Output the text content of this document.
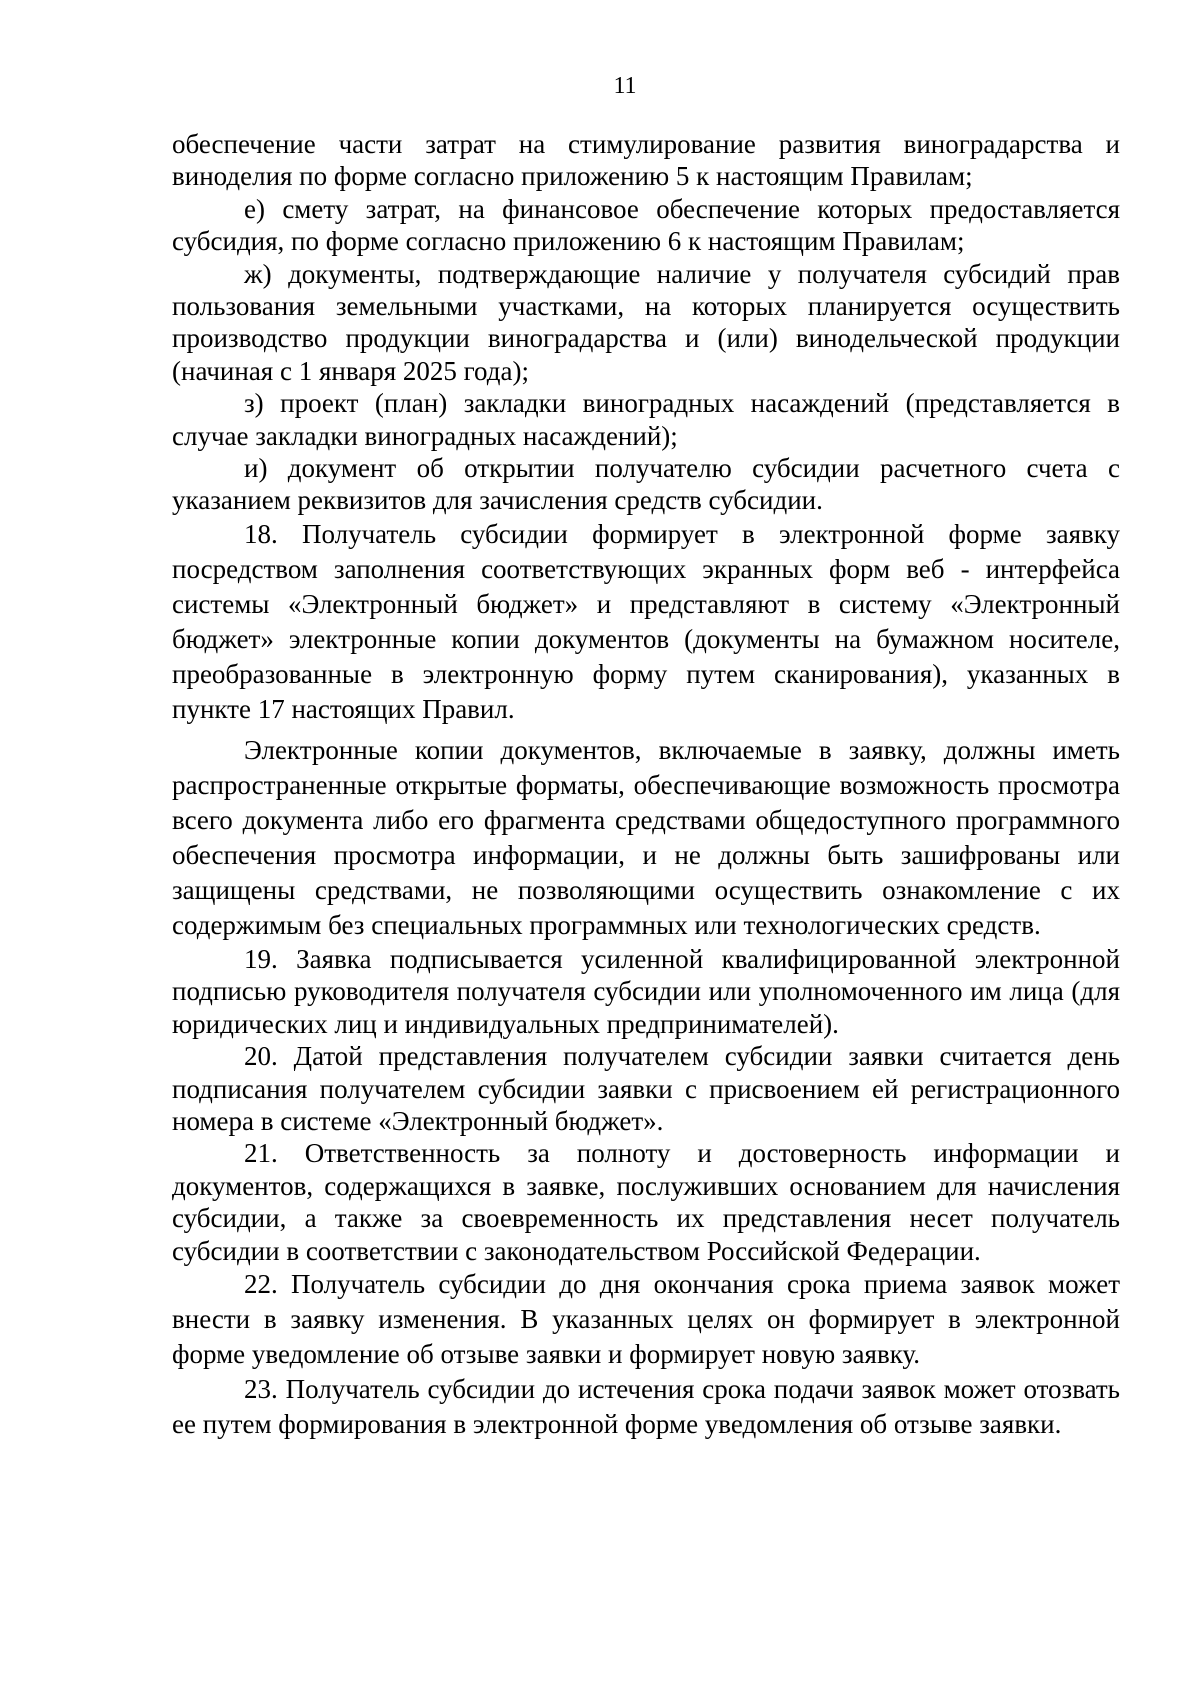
11

обеспечение части затрат на стимулирование развития виноградарства и виноделия по форме согласно приложению 5 к настоящим Правилам;

е) смету затрат, на финансовое обеспечение которых предоставляется субсидия, по форме согласно приложению 6 к настоящим Правилам;

ж) документы, подтверждающие наличие у получателя субсидий прав пользования земельными участками, на которых планируется осуществить производство продукции виноградарства и (или) винодельческой продукции (начиная с 1 января 2025 года);

з) проект (план) закладки виноградных насаждений (представляется в случае закладки виноградных насаждений);

и) документ об открытии получателю субсидии расчетного счета с указанием реквизитов для зачисления средств субсидии.

18. Получатель субсидии формирует в электронной форме заявку посредством заполнения соответствующих экранных форм веб - интерфейса системы «Электронный бюджет» и представляют в систему «Электронный бюджет» электронные копии документов (документы на бумажном носителе, преобразованные в электронную форму путем сканирования), указанных в пункте 17 настоящих Правил.

Электронные копии документов, включаемые в заявку, должны иметь распространенные открытые форматы, обеспечивающие возможность просмотра всего документа либо его фрагмента средствами общедоступного программного обеспечения просмотра информации, и не должны быть зашифрованы или защищены средствами, не позволяющими осуществить ознакомление с их содержимым без специальных программных или технологических средств.

19. Заявка подписывается усиленной квалифицированной электронной подписью руководителя получателя субсидии или уполномоченного им лица (для юридических лиц и индивидуальных предпринимателей).

20. Датой представления получателем субсидии заявки считается день подписания получателем субсидии заявки с присвоением ей регистрационного номера в системе «Электронный бюджет».

21. Ответственность за полноту и достоверность информации и документов, содержащихся в заявке, послуживших основанием для начисления субсидии, а также за своевременность их представления несет получатель субсидии в соответствии с законодательством Российской Федерации.

22. Получатель субсидии до дня окончания срока приема заявок может внести в заявку изменения. В указанных целях он формирует в электронной форме уведомление об отзыве заявки и формирует новую заявку.

23. Получатель субсидии до истечения срока подачи заявок может отозвать ее путем формирования в электронной форме уведомления об отзыве заявки.
